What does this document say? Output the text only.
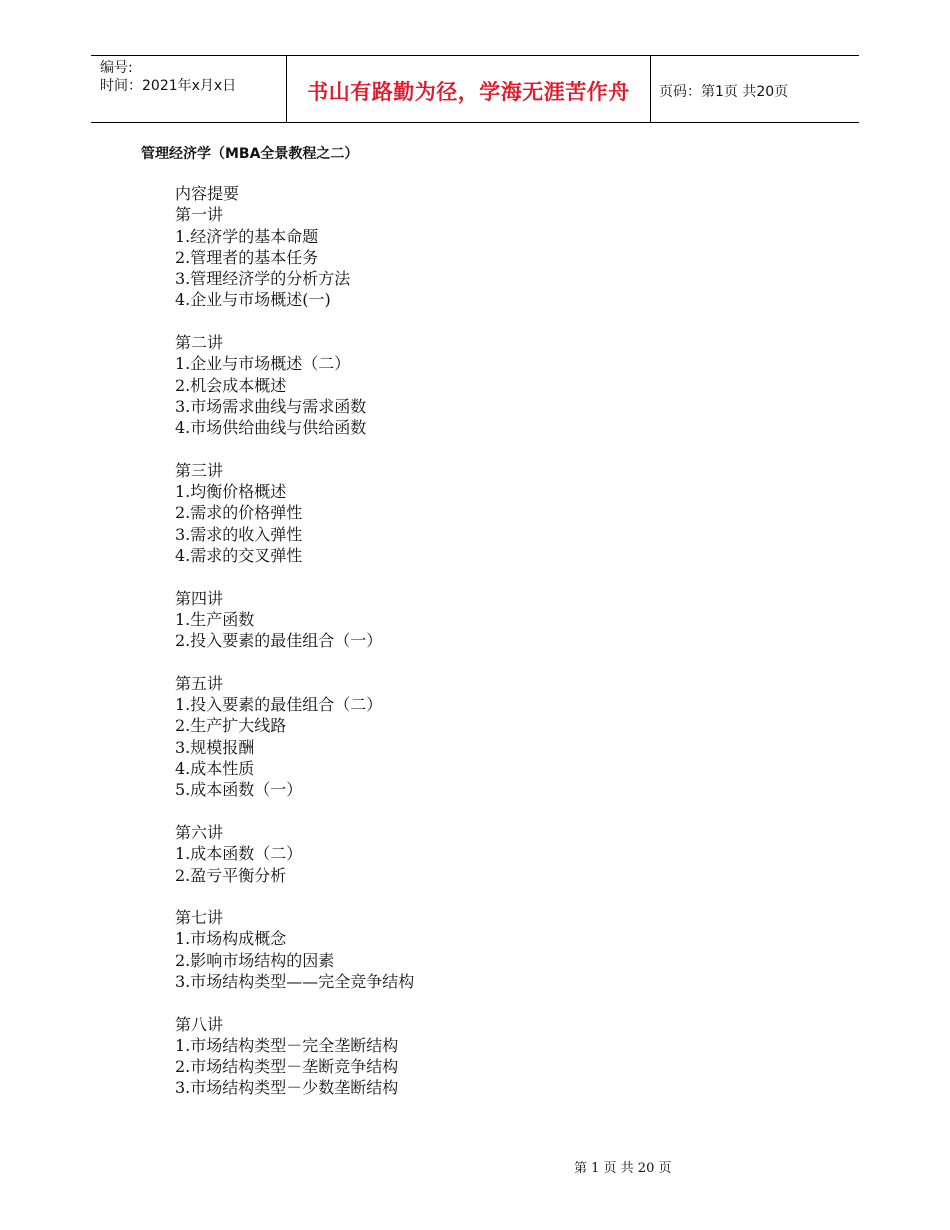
编号:
时间：2021年x月x日	书山有路勤为径，学海无涯苦作舟	页码：第1页 共20页
管理经济学（MBA全景教程之二）
内容提要
第一讲
1.经济学的基本命题
2.管理者的基本任务
3.管理经济学的分析方法
4.企业与市场概述(一)
第二讲
1.企业与市场概述（二）
2.机会成本概述
3.市场需求曲线与需求函数
4.市场供给曲线与供给函数
第三讲
1.均衡价格概述
2.需求的价格弹性
3.需求的收入弹性
4.需求的交叉弹性
第四讲
1.生产函数
2.投入要素的最佳组合（一）
第五讲
1.投入要素的最佳组合（二）
2.生产扩大线路
3.规模报酬
4.成本性质
5.成本函数（一）
第六讲
1.成本函数（二）
2.盈亏平衡分析
第七讲
1.市场构成概念
2.影响市场结构的因素
3.市场结构类型——完全竞争结构
第八讲
1.市场结构类型－完全垄断结构
2.市场结构类型－垄断竞争结构
3.市场结构类型－少数垄断结构
第 1 页 共 20 页
